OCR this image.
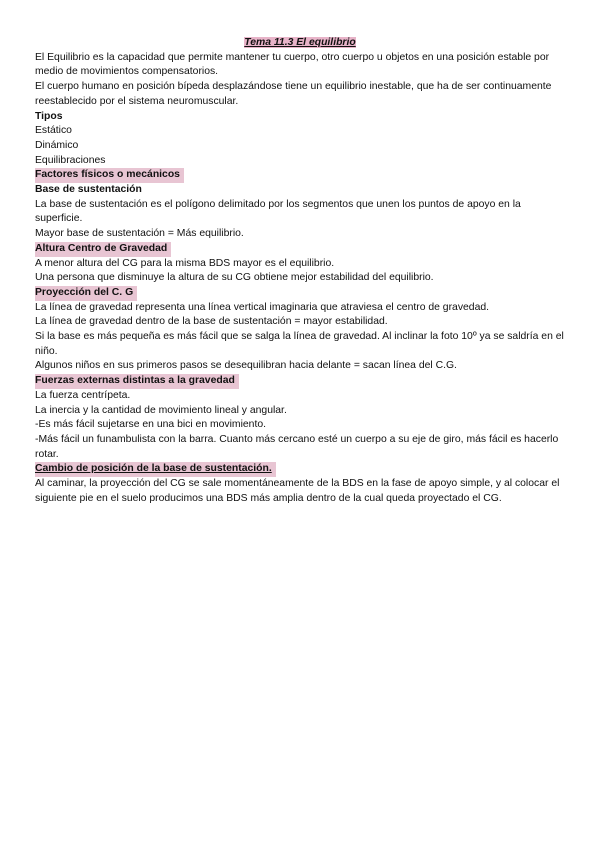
Tema 11.3 El equilibrio

El Equilibrio es la capacidad que permite mantener tu cuerpo, otro cuerpo u objetos en una posición estable por medio de movimientos compensatorios.

El cuerpo humano en posición bípeda desplazándose tiene un equilibrio inestable, que ha de ser continuamente reestablecido por el sistema neuromuscular.

Tipos

Estático

Dinámico

Equilibraciones

Factores físicos o mecánicos

Base de sustentación

La base de sustentación es el polígono delimitado por los segmentos que unen los puntos de apoyo en la superficie.

Mayor base de sustentación = Más equilibrio.

Altura Centro de Gravedad

A menor altura del CG para la misma BDS mayor es el equilibrio.

Una persona que disminuye la altura de su CG obtiene mejor estabilidad del equilibrio.

Proyección del C. G

La línea de gravedad representa una línea vertical imaginaria que atraviesa el centro de gravedad.

La línea de gravedad dentro de la base de sustentación = mayor estabilidad.

Si la base es más pequeña es más fácil que se salga la línea de gravedad. Al inclinar la foto 10º ya se saldría en el niño.

Algunos niños en sus primeros pasos se desequilibran hacia delante = sacan línea del C.G.

Fuerzas externas distintas a la gravedad

La fuerza centrípeta.

La inercia y la cantidad de movimiento lineal y angular.

-Es más fácil sujetarse en una bici en movimiento.

-Más fácil un funambulista con la barra. Cuanto más cercano esté un cuerpo a su eje de giro, más fácil es hacerlo rotar.

Cambio de posición de la base de sustentación.

Al caminar, la proyección del CG se sale momentáneamente de la BDS en la fase de apoyo simple, y al colocar el siguiente pie en el suelo producimos una BDS más amplia dentro de la cual queda proyectado el CG.
